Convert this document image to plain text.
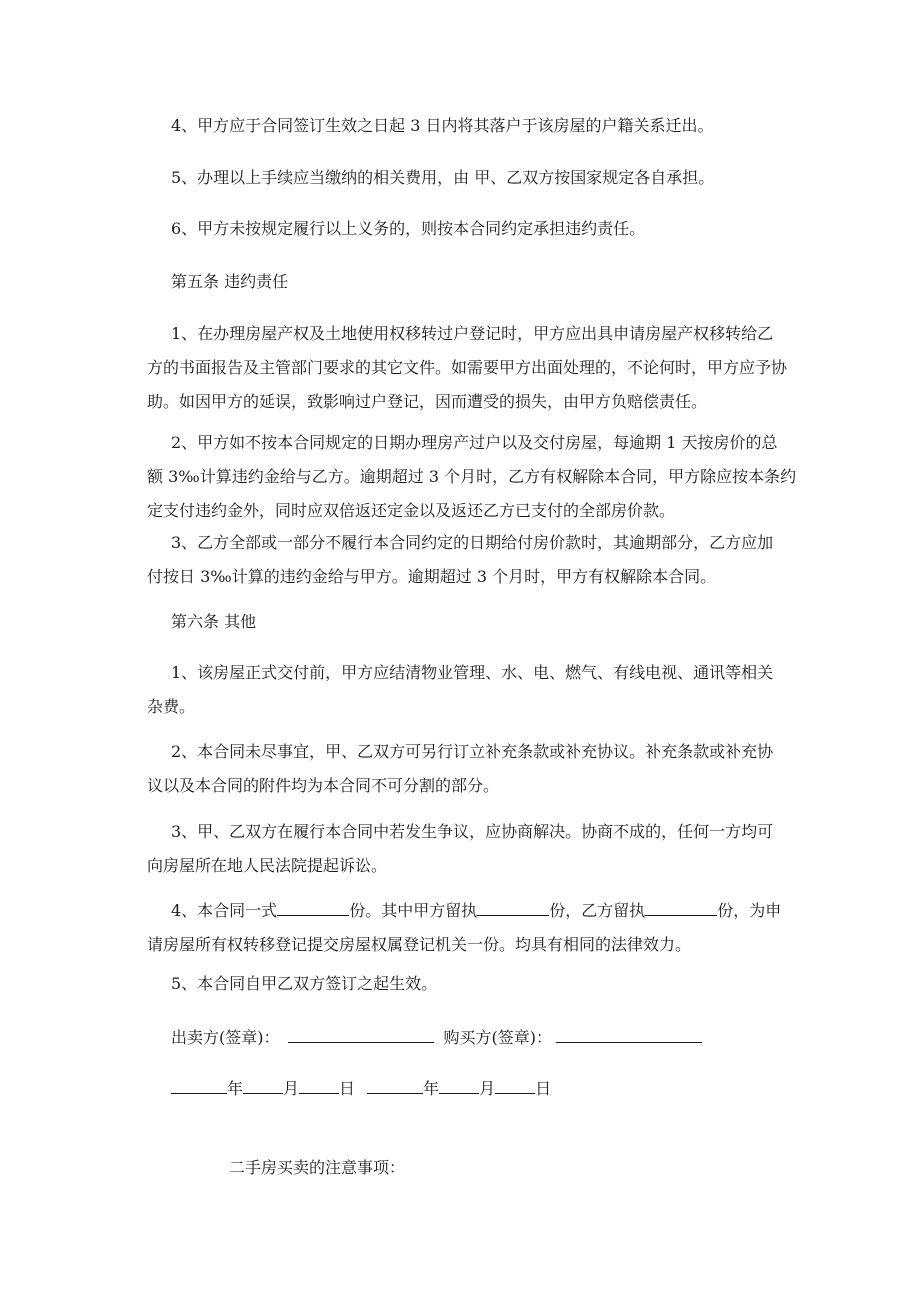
4、甲方应于合同签订生效之日起 3 日内将其落户于该房屋的户籍关系迁出。
5、办理以上手续应当缴纳的相关费用，由 甲、乙双方按国家规定各自承担。
6、甲方未按规定履行以上义务的，则按本合同约定承担违约责任。
第五条 违约责任
1、在办理房屋产权及土地使用权移转过户登记时，甲方应出具申请房屋产权移转给乙
方的书面报告及主管部门要求的其它文件。如需要甲方出面处理的，不论何时，甲方应予协
助。如因甲方的延误，致影响过户登记，因而遭受的损失，由甲方负赔偿责任。
2、甲方如不按本合同规定的日期办理房产过户以及交付房屋，每逾期 1 天按房价的总
额 3‰计算违约金给与乙方。逾期超过 3 个月时，乙方有权解除本合同，甲方除应按本条约
定支付违约金外，同时应双倍返还定金以及返还乙方已支付的全部房价款。
3、乙方全部或一部分不履行本合同约定的日期给付房价款时，其逾期部分，乙方应加
付按日 3‰计算的违约金给与甲方。逾期超过 3 个月时，甲方有权解除本合同。
第六条 其他
1、该房屋正式交付前，甲方应结清物业管理、水、电、燃气、有线电视、通讯等相关
杂费。
2、本合同未尽事宜，甲、乙双方可另行订立补充条款或补充协议。补充条款或补充协
议以及本合同的附件均为本合同不可分割的部分。
3、甲、乙双方在履行本合同中若发生争议，应协商解决。协商不成的，任何一方均可
向房屋所在地人民法院提起诉讼。
4、本合同一式	份。其中甲方留执	份，乙方留执	份，为申
请房屋所有权转移登记提交房屋权属登记机关一份。均具有相同的法律效力。
5、本合同自甲乙双方签订之起生效。
出卖方(签章)：	购买方(签章)：
年	月	日	年	月	日
二手房买卖的注意事项：
